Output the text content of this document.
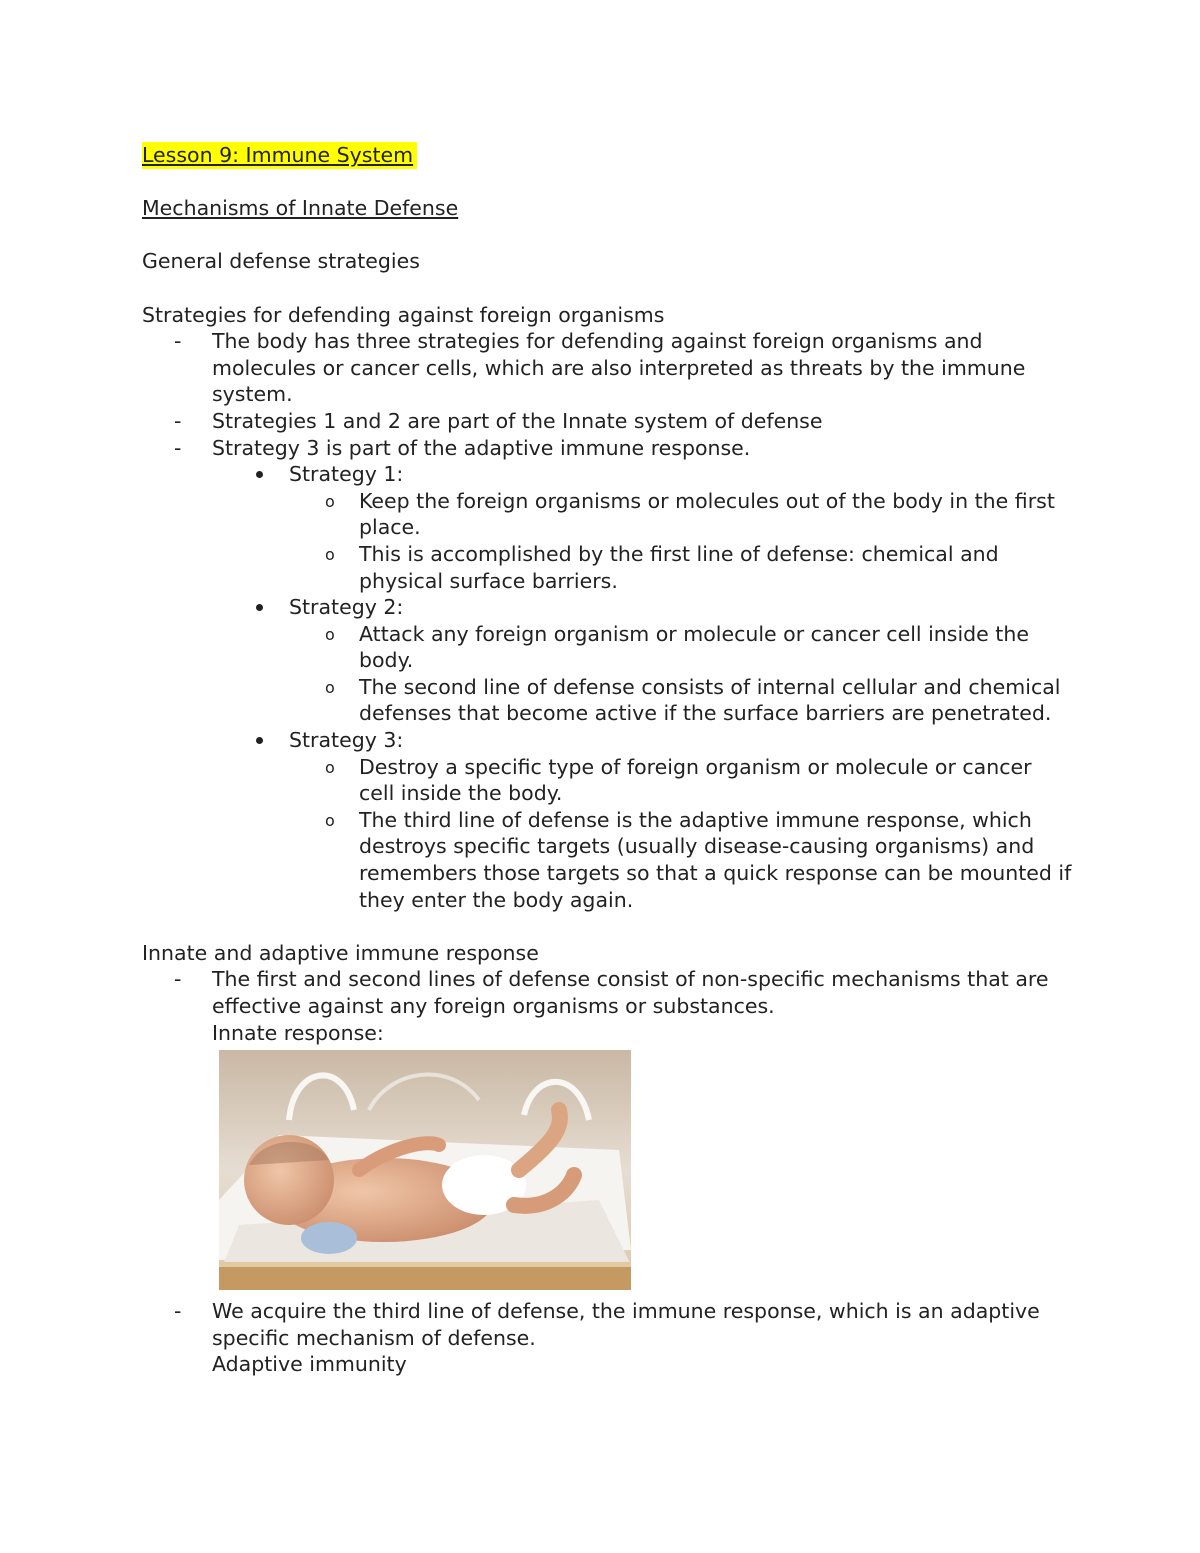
Lesson 9: Immune System
Mechanisms of Innate Defense
General defense strategies
Strategies for defending against foreign organisms
- The body has three strategies for defending against foreign organisms and molecules or cancer cells, which are also interpreted as threats by the immune system.
- Strategies 1 and 2 are part of the Innate system of defense
- Strategy 3 is part of the adaptive immune response.
Strategy 1:
o Keep the foreign organisms or molecules out of the body in the first place.
o This is accomplished by the first line of defense: chemical and physical surface barriers.
Strategy 2:
o Attack any foreign organism or molecule or cancer cell inside the body.
o The second line of defense consists of internal cellular and chemical defenses that become active if the surface barriers are penetrated.
Strategy 3:
o Destroy a specific type of foreign organism or molecule or cancer cell inside the body.
o The third line of defense is the adaptive immune response, which destroys specific targets (usually disease-causing organisms) and remembers those targets so that a quick response can be mounted if they enter the body again.
Innate and adaptive immune response
- The first and second lines of defense consist of non-specific mechanisms that are effective against any foreign organisms or substances.
Innate response:
- We acquire the third line of defense, the immune response, which is an adaptive specific mechanism of defense.
Adaptive immunity
